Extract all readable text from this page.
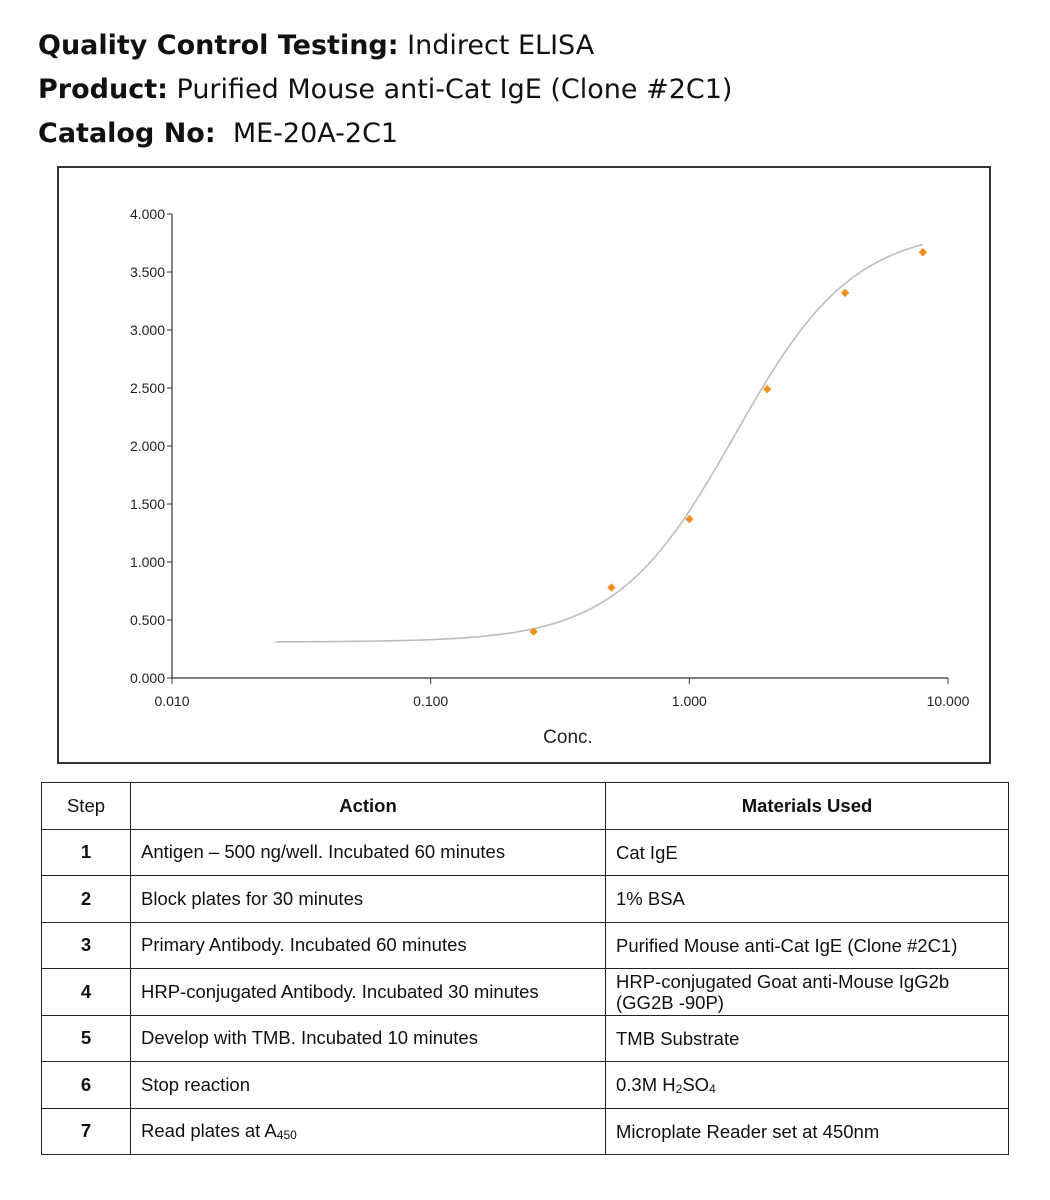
Quality Control Testing: Indirect ELISA
Product: Purified Mouse anti-Cat IgE (Clone #2C1)
Catalog No: ME-20A-2C1
0.000
0.500
1.000
1.500
2.000
2.500
3.000
3.500
4.000
0.010	0.100	1.000	10.000
Conc.
Step	Action	Materials Used
1	Antigen – 500 ng/well. Incubated 60 minutes	Cat IgE
2	Block plates for 30 minutes	1% BSA
3	Primary Antibody. Incubated 60 minutes	Purified Mouse anti-Cat IgE (Clone #2C1)
4	HRP-conjugated Antibody. Incubated 30 minutes	HRP-conjugated Goat anti-Mouse IgG2b
(GG2B -90P)
5	Develop with TMB. Incubated 10 minutes	TMB Substrate
6	Stop reaction	0.3M $H_2SO_4$
7	Read plates at $A_{450}$	Microplate Reader set at 450nm
